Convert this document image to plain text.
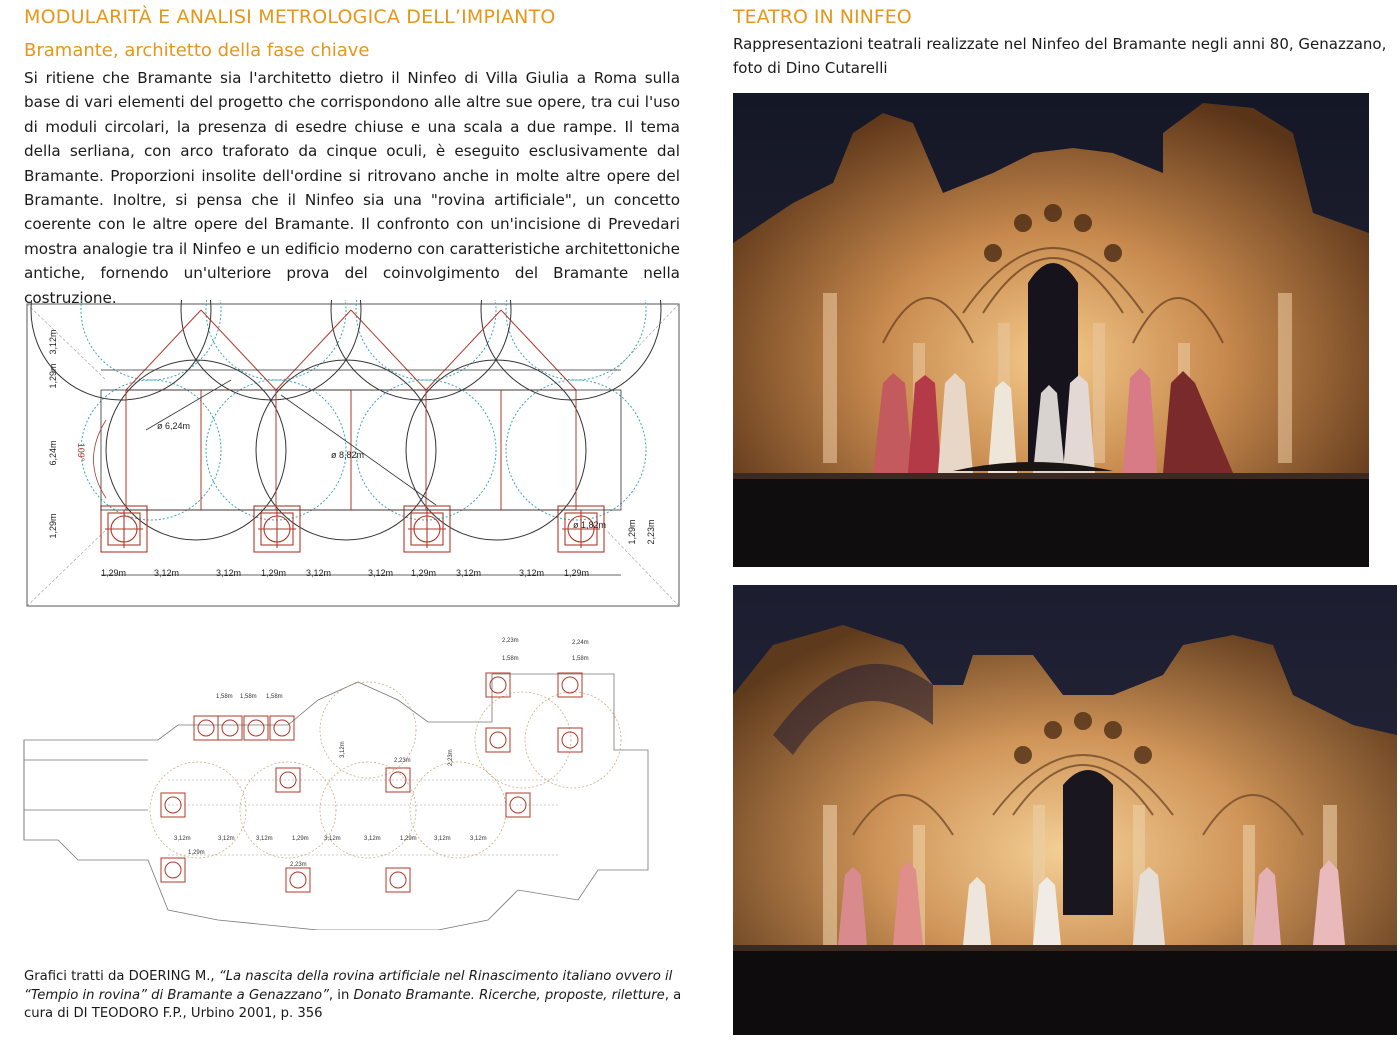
MODULARITÀ E ANALISI METROLOGICA DELL’IMPIANTO
Bramante, architetto della fase chiave

Si ritiene che Bramante sia l'architetto dietro il Ninfeo di Villa Giulia a Roma sulla base di vari elementi del progetto che corrispondono alle altre sue opere, tra cui l'uso di moduli circolari, la presenza di esedre chiuse e una scala a due rampe. Il tema della serliana, con arco traforato da cinque oculi, è eseguito esclusivamente dal Bramante. Proporzioni insolite dell'ordine si ritrovano anche in molte altre opere del Bramante. Inoltre, si pensa che il Ninfeo sia una "rovina artificiale", un concetto coerente con le altre opere del Bramante. Il confronto con un'incisione di Prevedari mostra analogie tra il Ninfeo e un edificio moderno con caratteristiche architettoniche antiche, fornendo un'ulteriore prova del coinvolgimento del Bramante nella costruzione.

TEATRO IN NINFEO

Rappresentazioni teatrali realizzate nel Ninfeo del Bramante negli anni 80, Genazzano,
foto di Dino Cutarelli

3,12m
1,29m
6,24m
1,29m
ø 6,24m
ø 8,82m
ø 1,82m 1,29m 2,23m
109°
1,29m	3,12m	3,12m 1,29m 3,12m	3,12m 1,29m 3,12m	3,12m 1,29m
1,58m 1,58m 1,58m
2,23m
1,58m
2,24m
1,58m
3,12m
2,23m
2,23m
1,29m
2,23m
3,12m	3,12m	3,12m	1,29m	3,12m	3,12m	1,29m	3,12m	3,12m

Grafici tratti da DOERING M., “La nascita della rovina artificiale nel Rinascimento italiano ovvero il “Tempio in rovina” di Bramante a Genazzano”, in Donato Bramante. Ricerche, proposte, riletture, a cura di DI TEODORO F.P., Urbino 2001, p. 356
